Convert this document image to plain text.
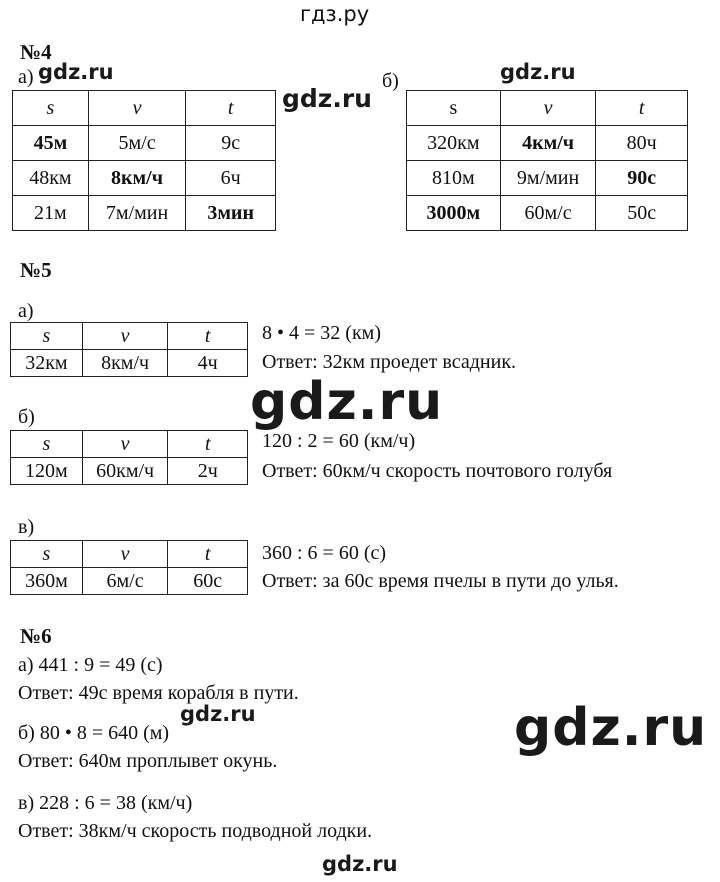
гдз.ру
№4
а) gdz.ru	б)	gdz.ru
gdz.ru
s	v	t
45м	5м/с	9с
48км	8км/ч	6ч
21м	7м/мин	3мин
s	v	t
320км	4км/ч	80ч
810м	9м/мин	90с
3000м	60м/с	50с
№5
а)
s	v	t
32км	8км/ч	4ч
8 • 4 = 32 (км)
Ответ: 32км проедет всадник.
gdz.ru
б)
s	v	t
120м	60км/ч	2ч
120 : 2 = 60 (км/ч)
Ответ: 60км/ч скорость почтового голубя
в)
s	v	t
360м	6м/с	60с
360 : 6 = 60 (с)
Ответ: за 60с время пчелы в пути до улья.
№6
а) 441 : 9 = 49 (с)
Ответ: 49с время корабля в пути.
gdz.ru
б) 80 • 8 = 640 (м)
Ответ: 640м проплывет окунь.
gdz.ru
в) 228 : 6 = 38 (км/ч)
Ответ: 38км/ч скорость подводной лодки.
gdz.ru
